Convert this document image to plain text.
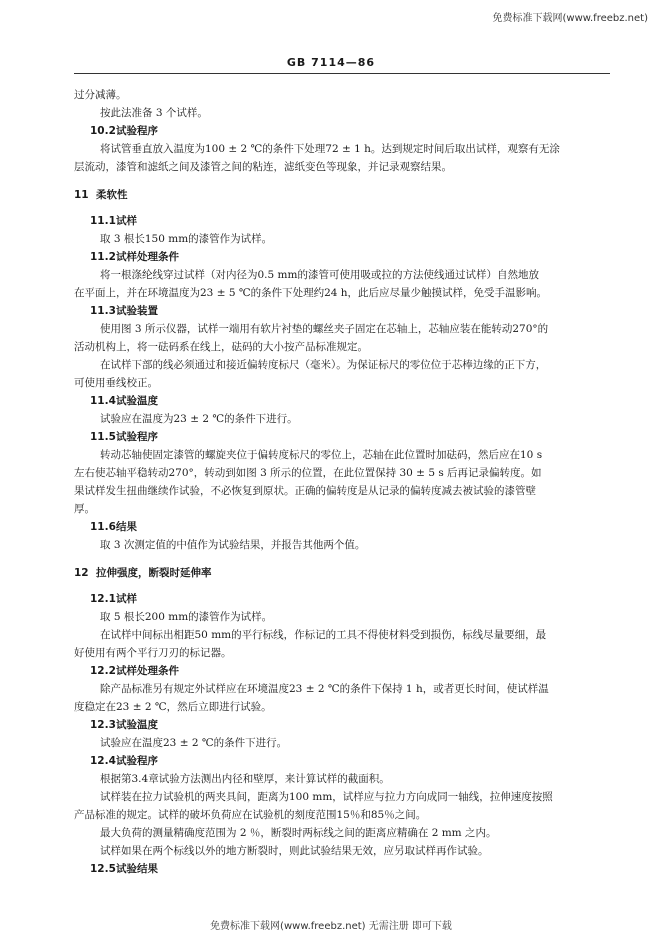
免费标准下载网(www.freebz.net)
GB 7114—86
过分减薄。
按此法准备 3 个试样。
10.2试验程序
将试管垂直放入温度为100 ± 2 ℃的条件下处理72 ± 1 h。达到规定时间后取出试样，观察有无涂
层流动，漆管和滤纸之间及漆管之间的粘连，滤纸变色等现象，并记录观察结果。
11 柔软性
11.1试样
取 3 根长150 mm的漆管作为试样。
11.2试样处理条件
将一根涤纶线穿过试样（对内径为0.5 mm的漆管可使用吸或拉的方法使线通过试样）自然地放
在平面上，并在环境温度为23 ± 5 ℃的条件下处理约24 h，此后应尽量少触摸试样，免受手温影响。
11.3试验装置
使用图 3 所示仪器，试样一端用有软片衬垫的螺丝夹子固定在芯轴上，芯轴应装在能转动270°的
活动机构上，将一砝码系在线上，砝码的大小按产品标准规定。
在试样下部的线必须通过和接近偏转度标尺（毫米）。为保证标尺的零位位于芯棒边缘的正下方，
可使用垂线校正。
11.4试验温度
试验应在温度为23 ± 2 ℃的条件下进行。
11.5试验程序
转动芯轴使固定漆管的螺旋夹位于偏转度标尺的零位上，芯轴在此位置时加砝码，然后应在10 s
左右使芯轴平稳转动270°，转动到如图 3 所示的位置，在此位置保持 30 ± 5 s 后再记录偏转度。如
果试样发生扭曲继续作试验，不必恢复到原状。正确的偏转度是从记录的偏转度减去被试验的漆管壁
厚。
11.6结果
取 3 次测定值的中值作为试验结果，并报告其他两个值。
12 拉伸强度，断裂时延伸率
12.1试样
取 5 根长200 mm的漆管作为试样。
在试样中间标出相距50 mm的平行标线，作标记的工具不得使材料受到损伤，标线尽量要细，最
好使用有两个平行刀刃的标记器。
12.2试样处理条件
除产品标准另有规定外试样应在环境温度23 ± 2 ℃的条件下保持 1 h，或者更长时间，使试样温
度稳定在23 ± 2 ℃，然后立即进行试验。
12.3试验温度
试验应在温度23 ± 2 ℃的条件下进行。
12.4试验程序
根据第3.4章试验方法测出内径和壁厚，来计算试样的截面积。
试样装在拉力试验机的两夹具间，距离为100 mm，试样应与拉力方向成同一轴线，拉伸速度按照
产品标准的规定。试样的破坏负荷应在试验机的刻度范围15％和85％之间。
最大负荷的测量精确度范围为 2 ％，断裂时两标线之间的距离应精确在 2 mm 之内。
试样如果在两个标线以外的地方断裂时，则此试验结果无效，应另取试样再作试验。
12.5试验结果
免费标准下载网(www.freebz.net) 无需注册 即可下载
